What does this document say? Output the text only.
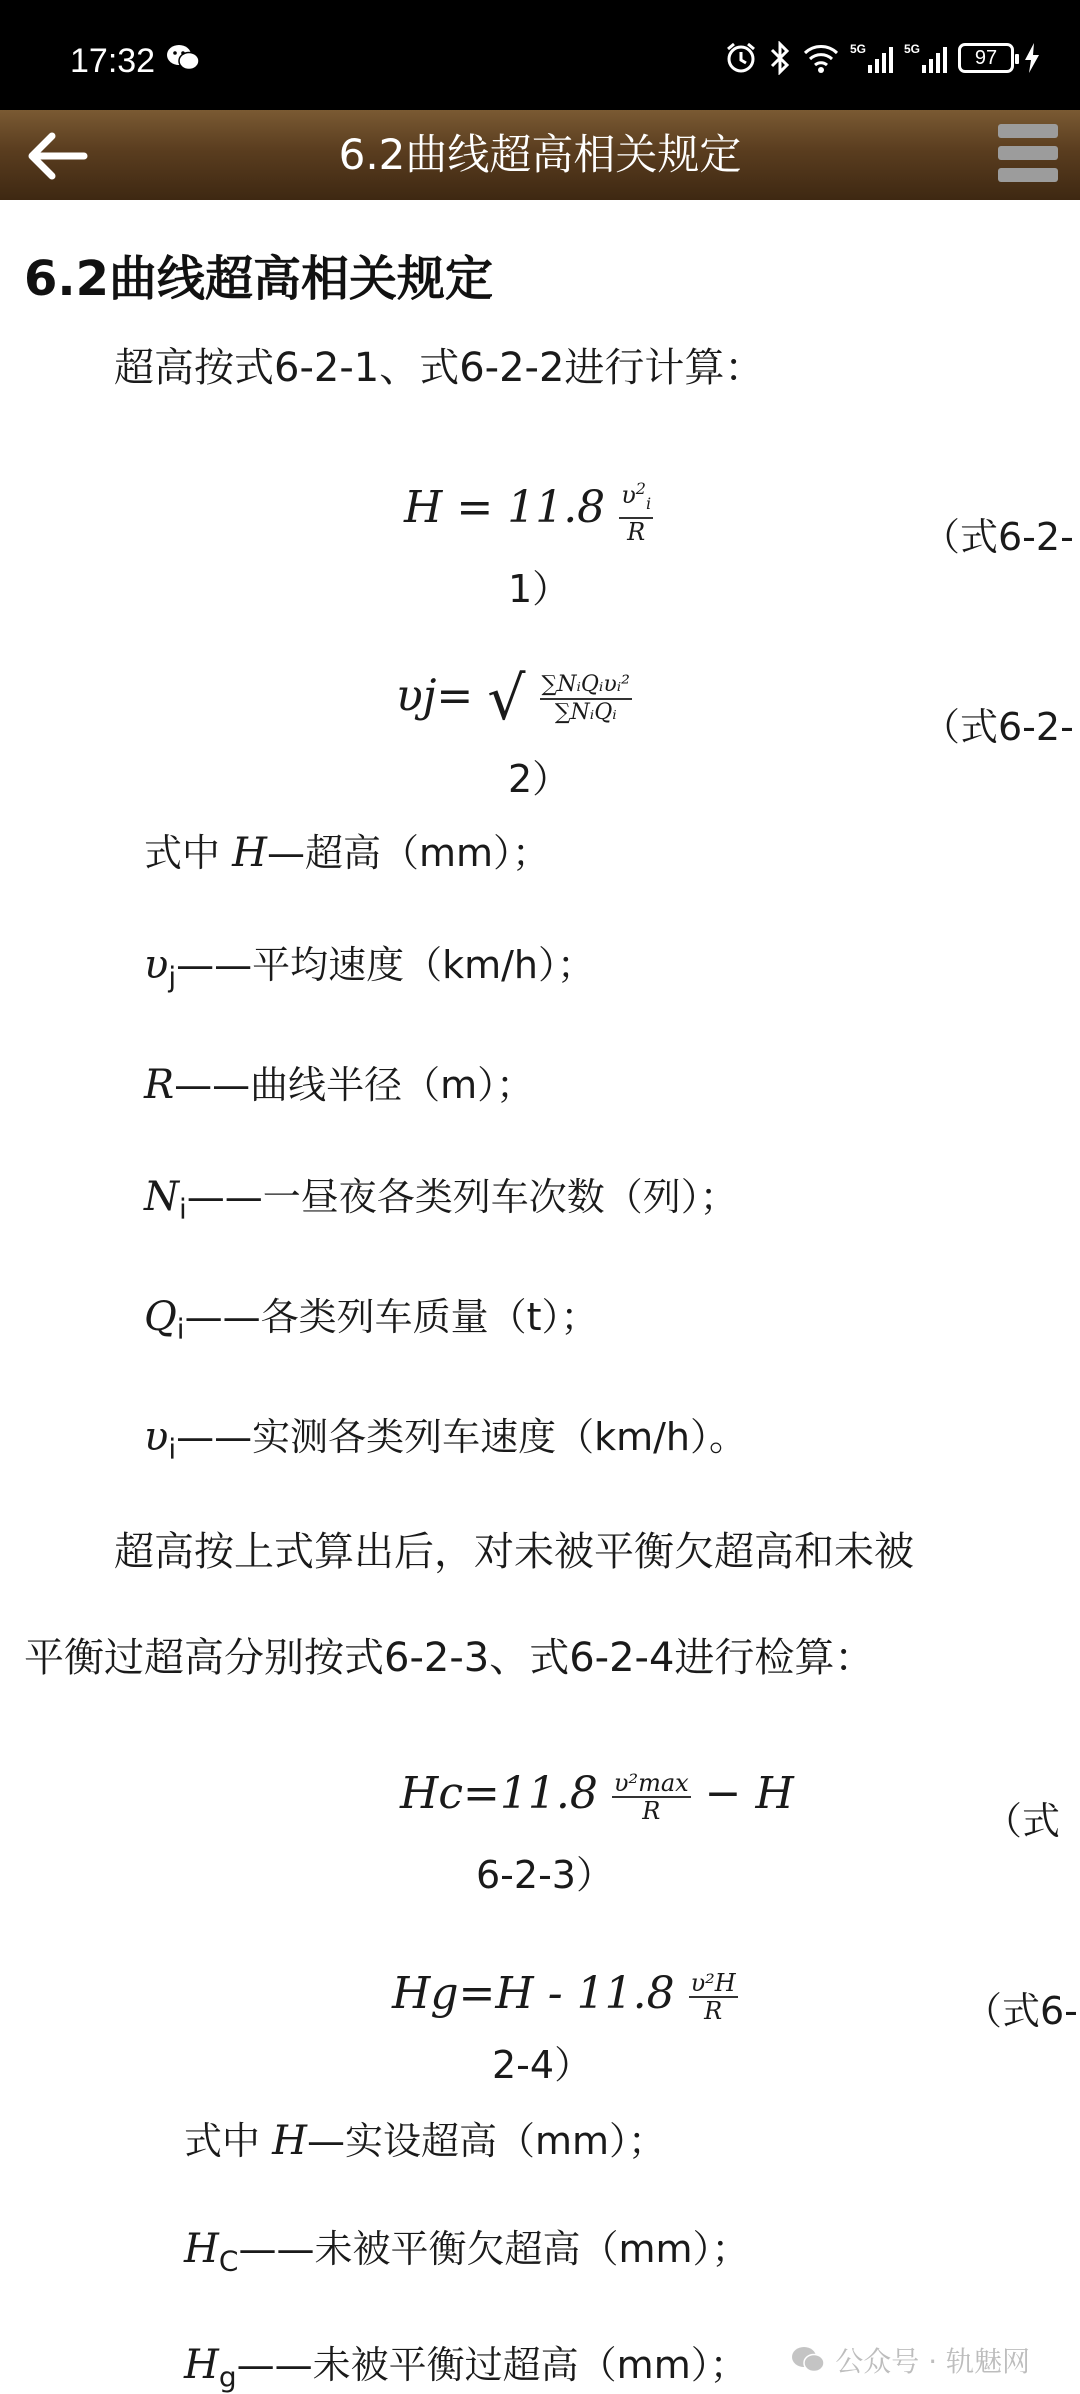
17:32	5G	5G	97
6.2曲线超高相关规定
6.2曲线超高相关规定
超高按式6-2-1、式6-2-2进行计算：
$H = 11.8 \frac{\upsilon^2_i}{R}$	（式6-2-
1）
υj= √ $\frac{\text{∑NᵢQᵢυᵢ²}}{\text{∑NᵢQᵢ}}$
（式6-2-
2）
式中 H—超高（mm）；
$\upsilon_j——$平均速度（km/h）；
R——曲线半径（m）；
$N_i——$一昼夜各类列车次数（列）；
$Q_i——$各类列车质量（t）；
$\upsilon_i——$实测各类列车速度（km/h）。
超高按上式算出后，对未被平衡欠超高和未被
平衡过超高分别按式6-2-3、式6-2-4进行检算：
$Hc=11.8 \frac{\text{υ²max}}{R} - H$
（式
6-2-3）
$Hg=H - 11.8 \frac{\text{υ²H}}{R}$	（式6-
2-4）
式中 H—实设超高（mm）；
$H_C——$未被平衡欠超高（mm）；
$H_g——$未被平衡过超高（mm）；	公众号 · 轨魅网
